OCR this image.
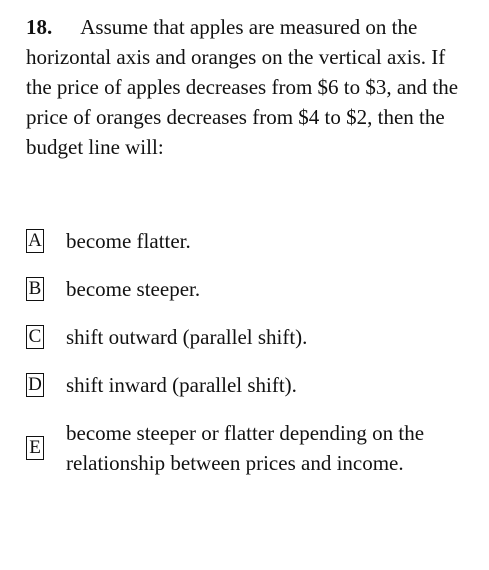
18. Assume that apples are measured on the horizontal axis and oranges on the vertical axis. If the price of apples decreases from $6 to $3, and the price of oranges decreases from $4 to $2, then the budget line will:
A become flatter.
B become steeper.
C shift outward (parallel shift).
D shift inward (parallel shift).
E
become steeper or flatter depending on the relationship between prices and income.
